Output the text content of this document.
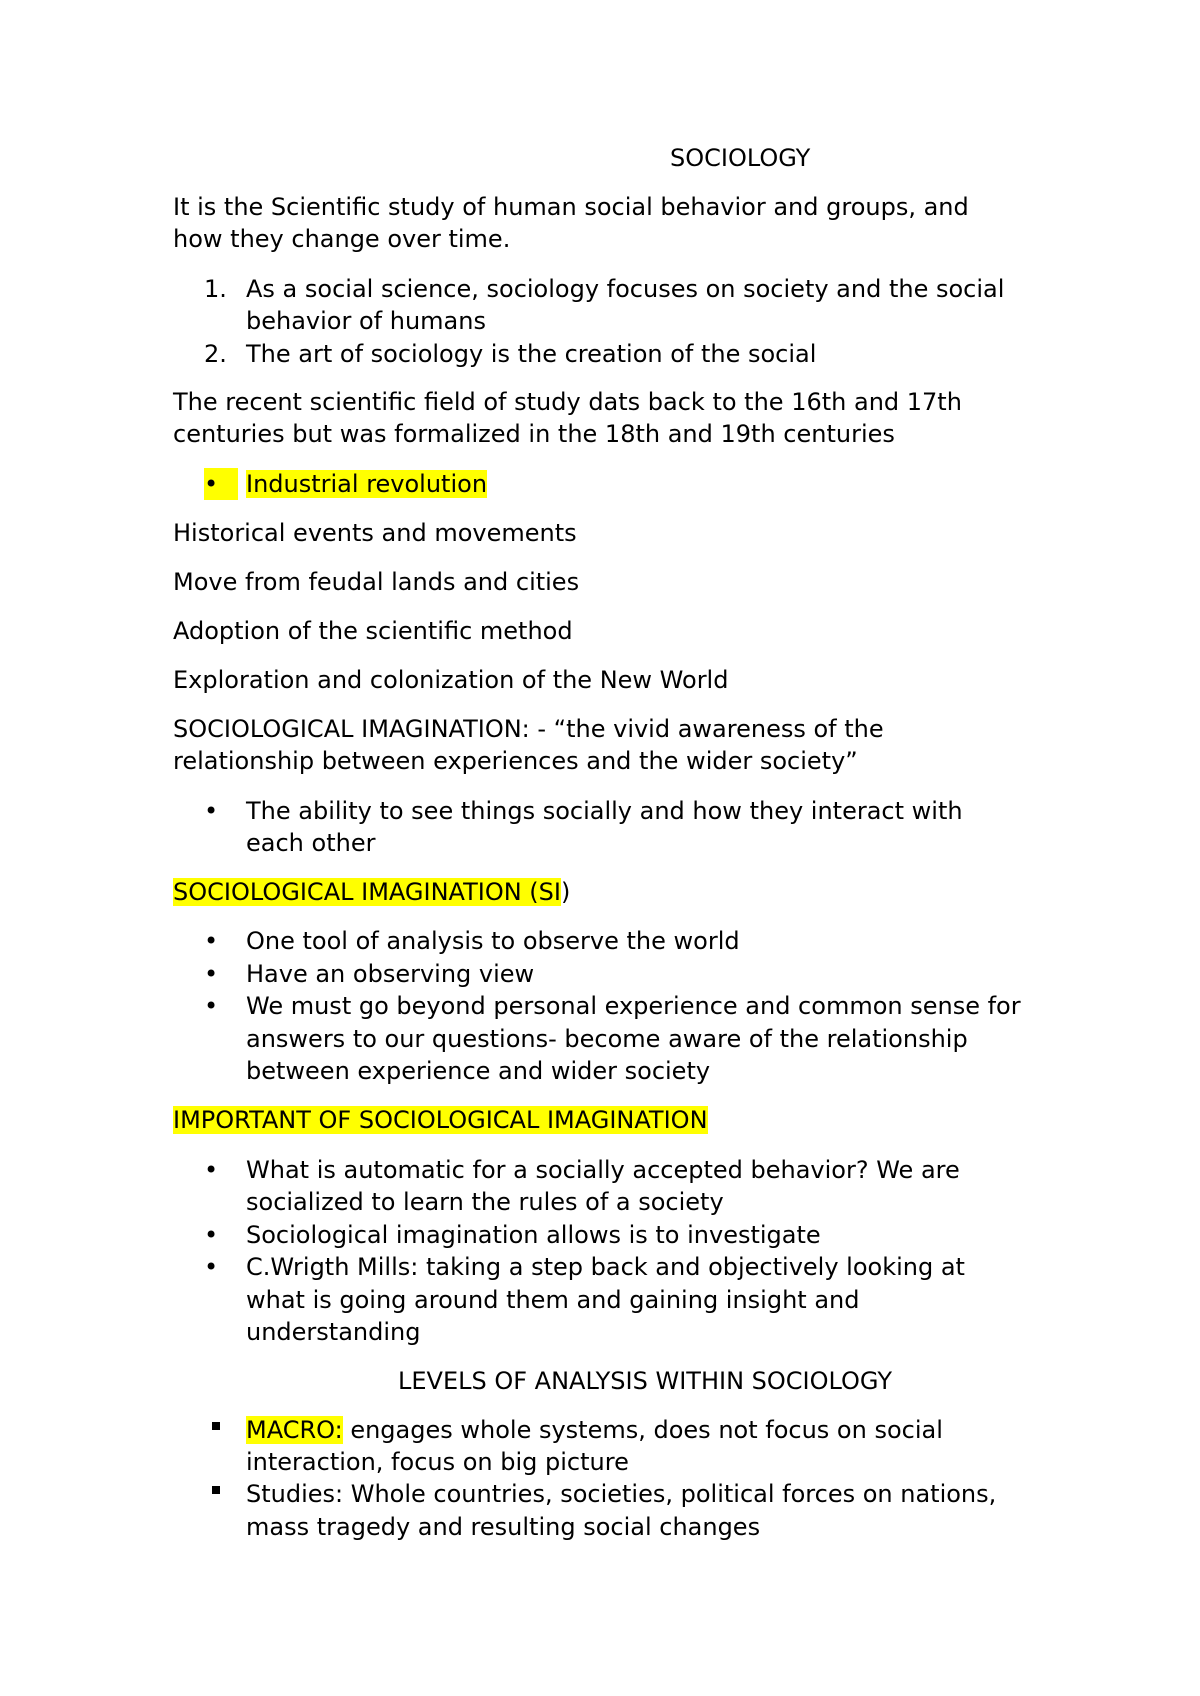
SOCIOLOGY

It is the Scientific study of human social behavior and groups, and

how they change over time.

1. As a social science, sociology focuses on society and the social

behavior of humans

2. The art of sociology is the creation of the social

The recent scientific field of study dats back to the 16th and 17th

centuries but was formalized in the 18th and 19th centuries

•	Industrial revolution

Historical events and movements

Move from feudal lands and cities

Adoption of the scientific method

Exploration and colonization of the New World

SOCIOLOGICAL IMAGINATION: - “the vivid awareness of the

relationship between experiences and the wider society”

• The ability to see things socially and how they interact with

each other

SOCIOLOGICAL IMAGINATION (SI)

• One tool of analysis to observe the world

• Have an observing view

• We must go beyond personal experience and common sense for

answers to our questions- become aware of the relationship

between experience and wider society

IMPORTANT OF SOCIOLOGICAL IMAGINATION

• What is automatic for a socially accepted behavior? We are

socialized to learn the rules of a society

• Sociological imagination allows is to investigate

• C.Wrigth Mills: taking a step back and objectively looking at

what is going around them and gaining insight and

understanding

LEVELS OF ANALYSIS WITHIN SOCIOLOGY

MACRO: engages whole systems, does not focus on social

interaction, focus on big picture

Studies: Whole countries, societies, political forces on nations,

mass tragedy and resulting social changes
